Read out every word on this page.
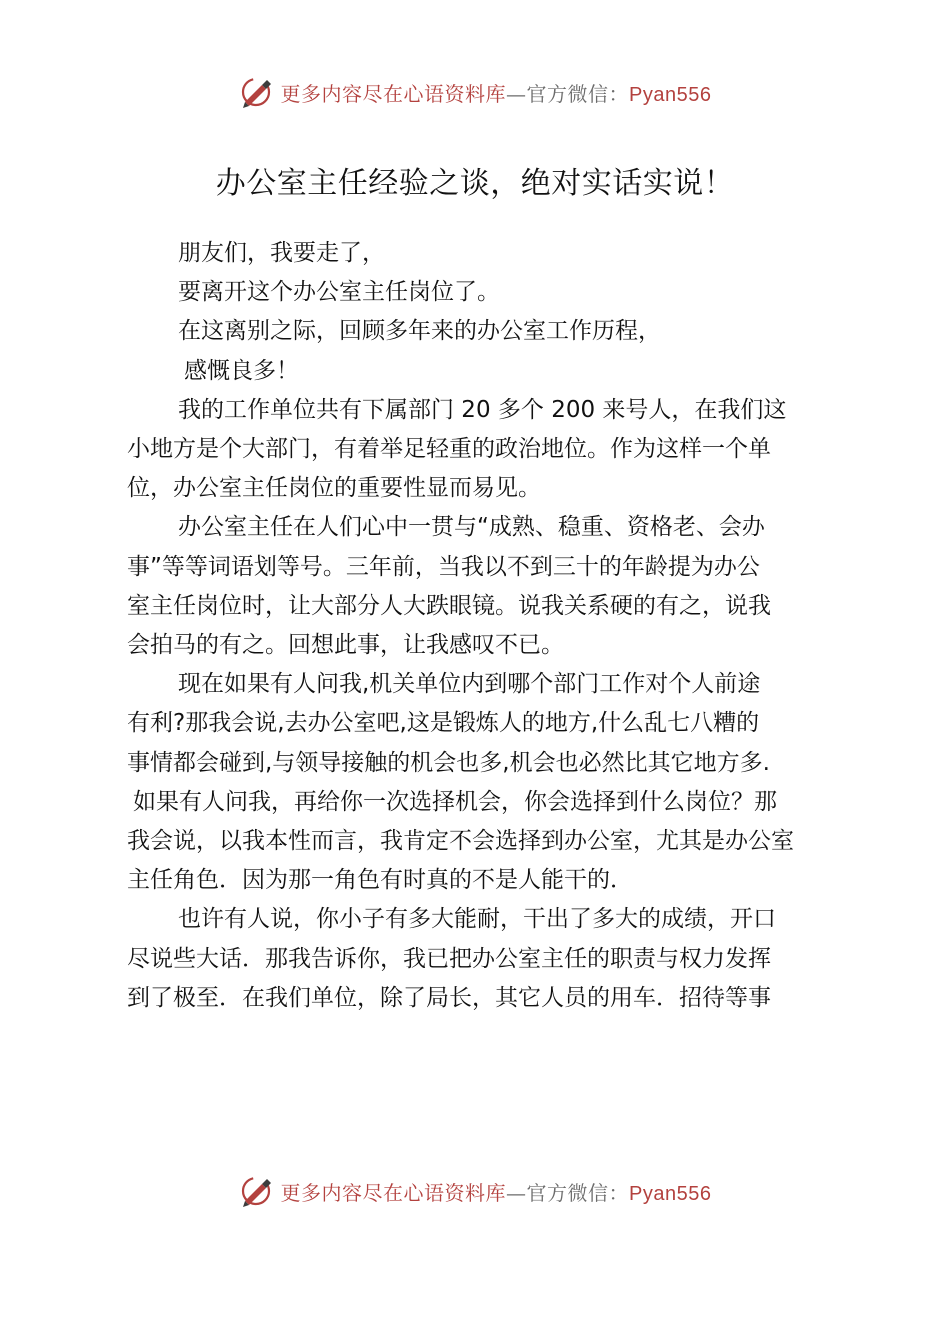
更多内容尽在心语资料库—官方微信：Pyan556
办公室主任经验之谈，绝对实话实说！

朋友们，我要走了，

要离开这个办公室主任岗位了。

在这离别之际，回顾多年来的办公室工作历程，

感慨良多！

我的工作单位共有下属部门 20 多个 200 来号人，在我们这

小地方是个大部门，有着举足轻重的政治地位。作为这样一个单

位，办公室主任岗位的重要性显而易见。

办公室主任在人们心中一贯与“成熟、稳重、资格老、会办

事”等等词语划等号。三年前，当我以不到三十的年龄提为办公

室主任岗位时，让大部分人大跌眼镜。说我关系硬的有之，说我

会拍马的有之。回想此事，让我感叹不已。

现在如果有人问我,机关单位内到哪个部门工作对个人前途

有利?那我会说,去办公室吧,这是锻炼人的地方,什么乱七八糟的

事情都会碰到,与领导接触的机会也多,机会也必然比其它地方多.

如果有人问我，再给你一次选择机会，你会选择到什么岗位？那

我会说，以我本性而言，我肯定不会选择到办公室，尤其是办公室

主任角色．因为那一角色有时真的不是人能干的．

也许有人说，你小子有多大能耐，干出了多大的成绩，开口

尽说些大话．那我告诉你，我已把办公室主任的职责与权力发挥

到了极至．在我们单位，除了局长，其它人员的用车．招待等事

更多内容尽在心语资料库—官方微信：Pyan556
